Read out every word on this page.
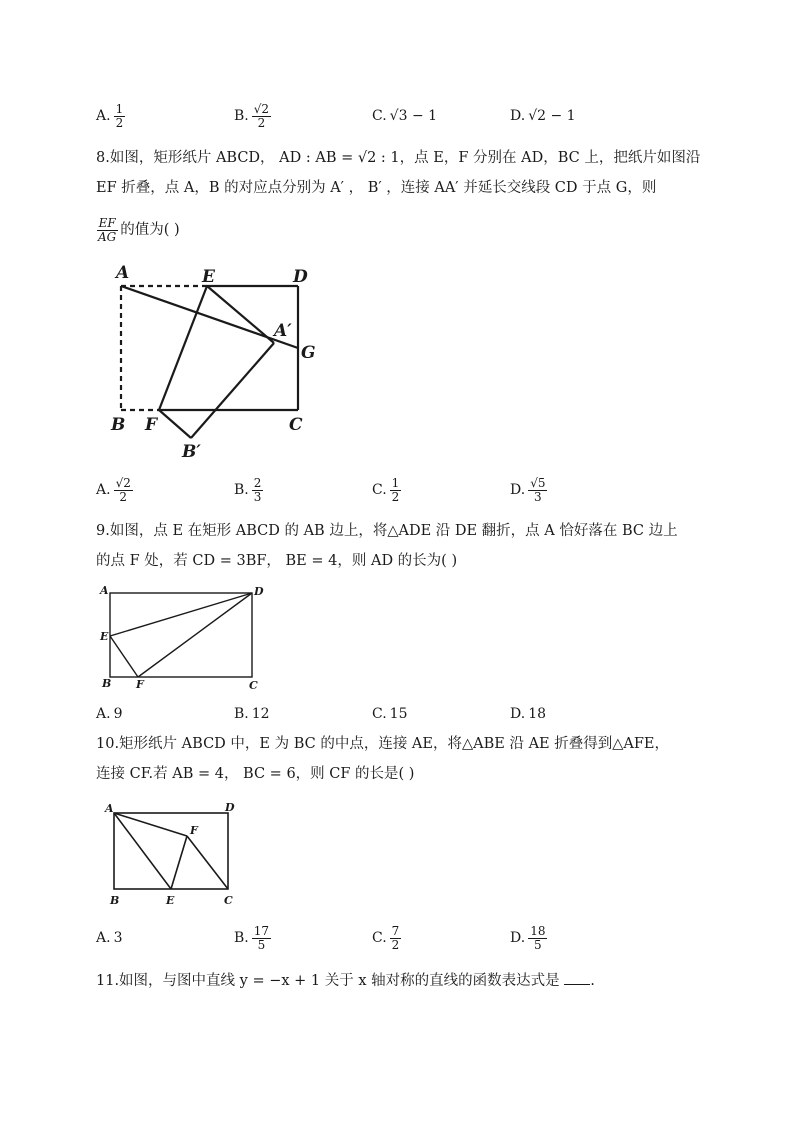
A. $\frac{1}{2}$	B. $\frac{√2}{2}$	C. √3 − 1	D. √2 − 1
8.如图，矩形纸片 ABCD， AD : AB = √2 : 1，点 E，F 分别在 AD，BC 上，把纸片如图沿
EF 折叠，点 A，B 的对应点分别为 A′ ， B′ ，连接 AA′ 并延长交线段 CD 于点 G，则
$\frac{EF}{AG}$ 的值为( )
A	E	D
A′
G
B F	C
B′
A. $\frac{√2}{2}$	B. $\frac{2}{3}$	C. $\frac{1}{2}$	D. $\frac{√5}{3}$
9.如图，点 E 在矩形 ABCD 的 AB 边上，将△ADE 沿 DE 翻折，点 A 恰好落在 BC 边上
的点 F 处，若 CD = 3BF， BE = 4，则 AD 的长为( )
A	D
E
B F	C
A. 9	B. 12	C. 15	D. 18
10.矩形纸片 ABCD 中，E 为 BC 的中点，连接 AE，将△ABE 沿 AE 折叠得到△AFE，
连接 CF.若 AB = 4， BC = 6，则 CF 的长是( )
A	D
F
B	E	C
A. 3	B. $\frac{17}{5}$	C. $\frac{7}{2}$	D. $\frac{18}{5}$
11.如图，与图中直线 y = −x + 1 关于 x 轴对称的直线的函数表达式是 .
